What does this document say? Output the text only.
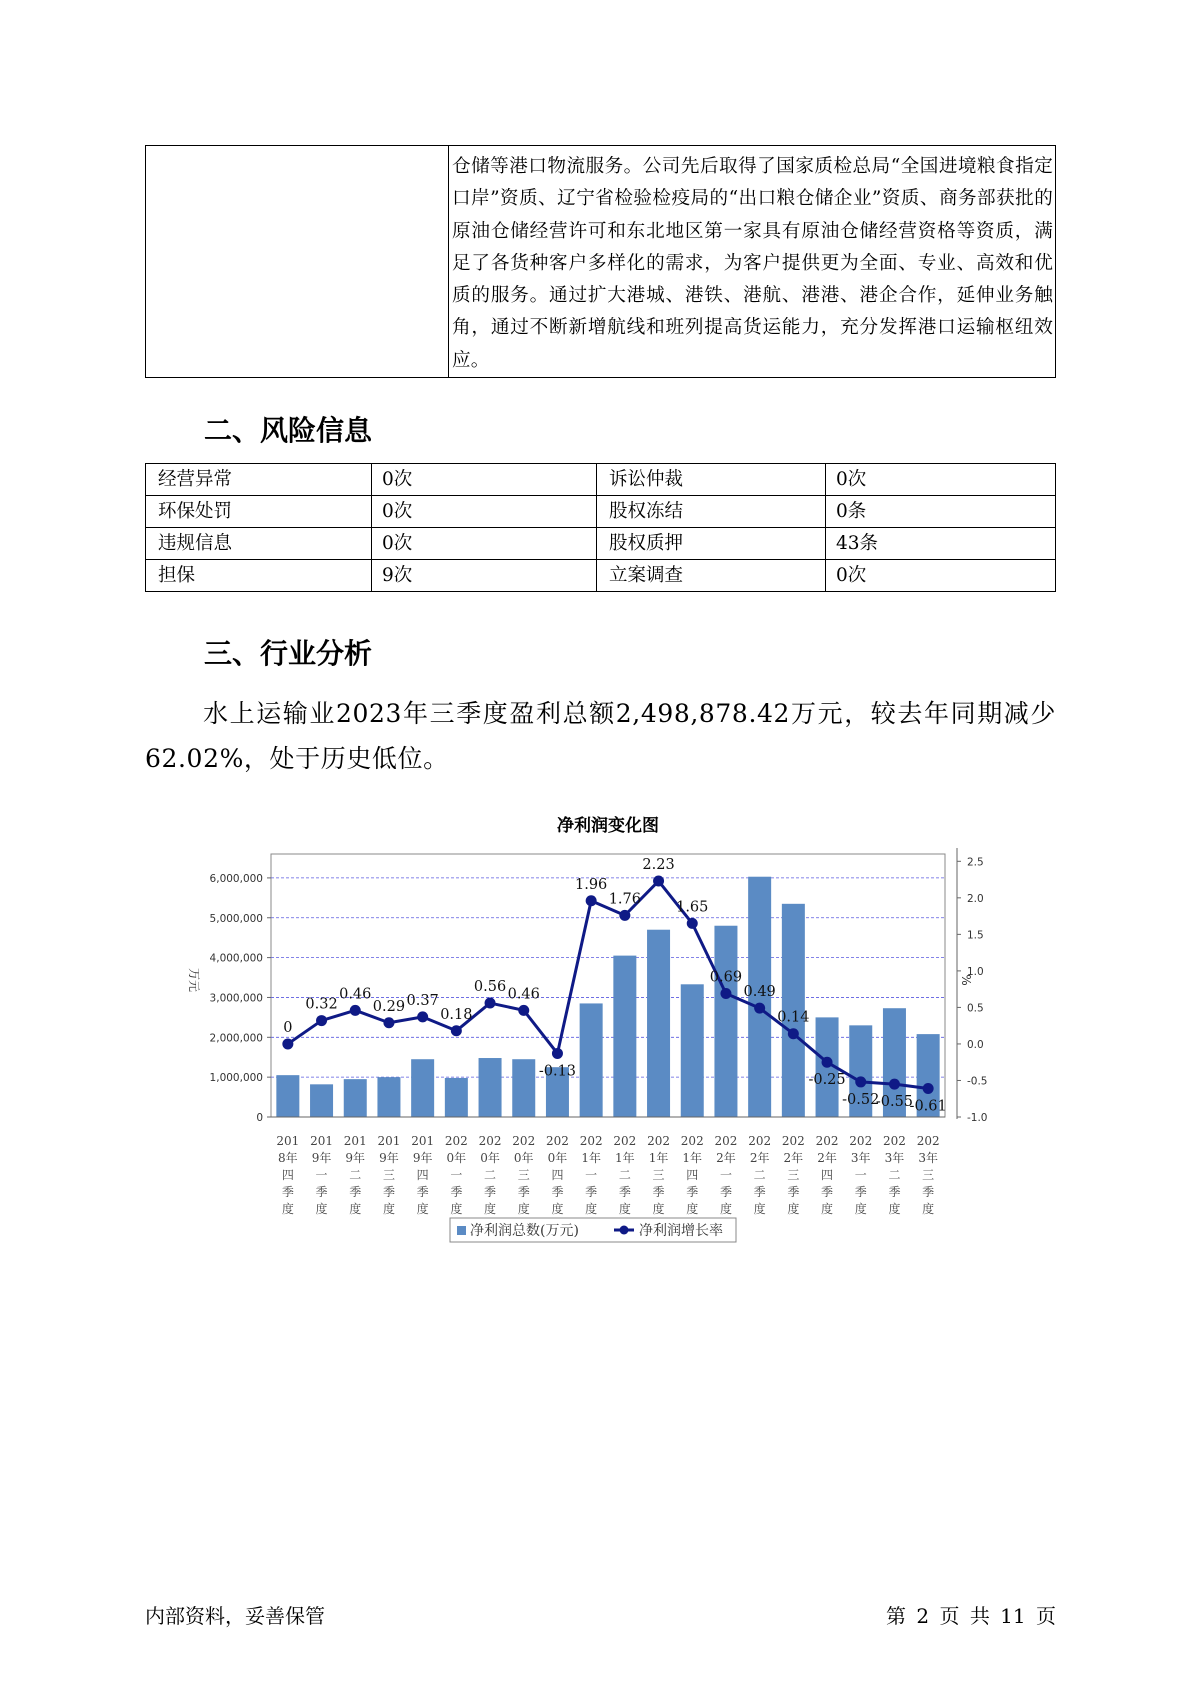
	仓储等港口物流服务。公司先后取得了国家质检总局“全国进境粮食指定口岸”资质、辽宁省检验检疫局的“出口粮仓储企业”资质、商务部获批的原油仓储经营许可和东北地区第一家具有原油仓储经营资格等资质，满足了各货种客户多样化的需求，为客户提供更为全面、专业、高效和优质的服务。通过扩大港城、港铁、港航、港港、港企合作，延伸业务触角，通过不断新增航线和班列提高货运能力，充分发挥港口运输枢纽效应。
二、风险信息
经营异常	0次	诉讼仲裁	0次
环保处罚	0次	股权冻结	0条
违规信息	0次	股权质押	43条
担保	9次	立案调查	0次
三、行业分析

水上运输业2023年三季度盈利总额2,498,878.42万元，较去年同期减少62.02%，处于历史低位。

净利润变化图
0
1,000,000
2,000,000
3,000,000
4,000,000
5,000,000
6,000,000
-1.0
-0.5
0.0
0.5
1.0
1.5
2.0
2.5
万元	%
0
0.32
0.46
0.29 0.37
0.18
0.56 0.46
-0.13
1.96
1.76
2.23
1.65
0.69
0.49
0.14
-0.25
-0.52
-0.55
-0.61
201
8年
四
季
度
201
9年
一
季
度
201
9年
二
季
度
201
9年
三
季
度
201
9年
四
季
度
202
0年
一
季
度
202
0年
二
季
度
202
0年
三
季
度
202
0年
四
季
度
202
1年
一
季
度
202
1年
二
季
度
202
1年
三
季
度
202
1年
四
季
度
202
2年
一
季
度
202
2年
二
季
度
202
2年
三
季
度
202
2年
四
季
度
202
3年
一
季
度
202
3年
二
季
度
202
3年
三
季
度
净利润总数(万元)	净利润增长率
内部资料，妥善保管	第 2 页 共 11 页
